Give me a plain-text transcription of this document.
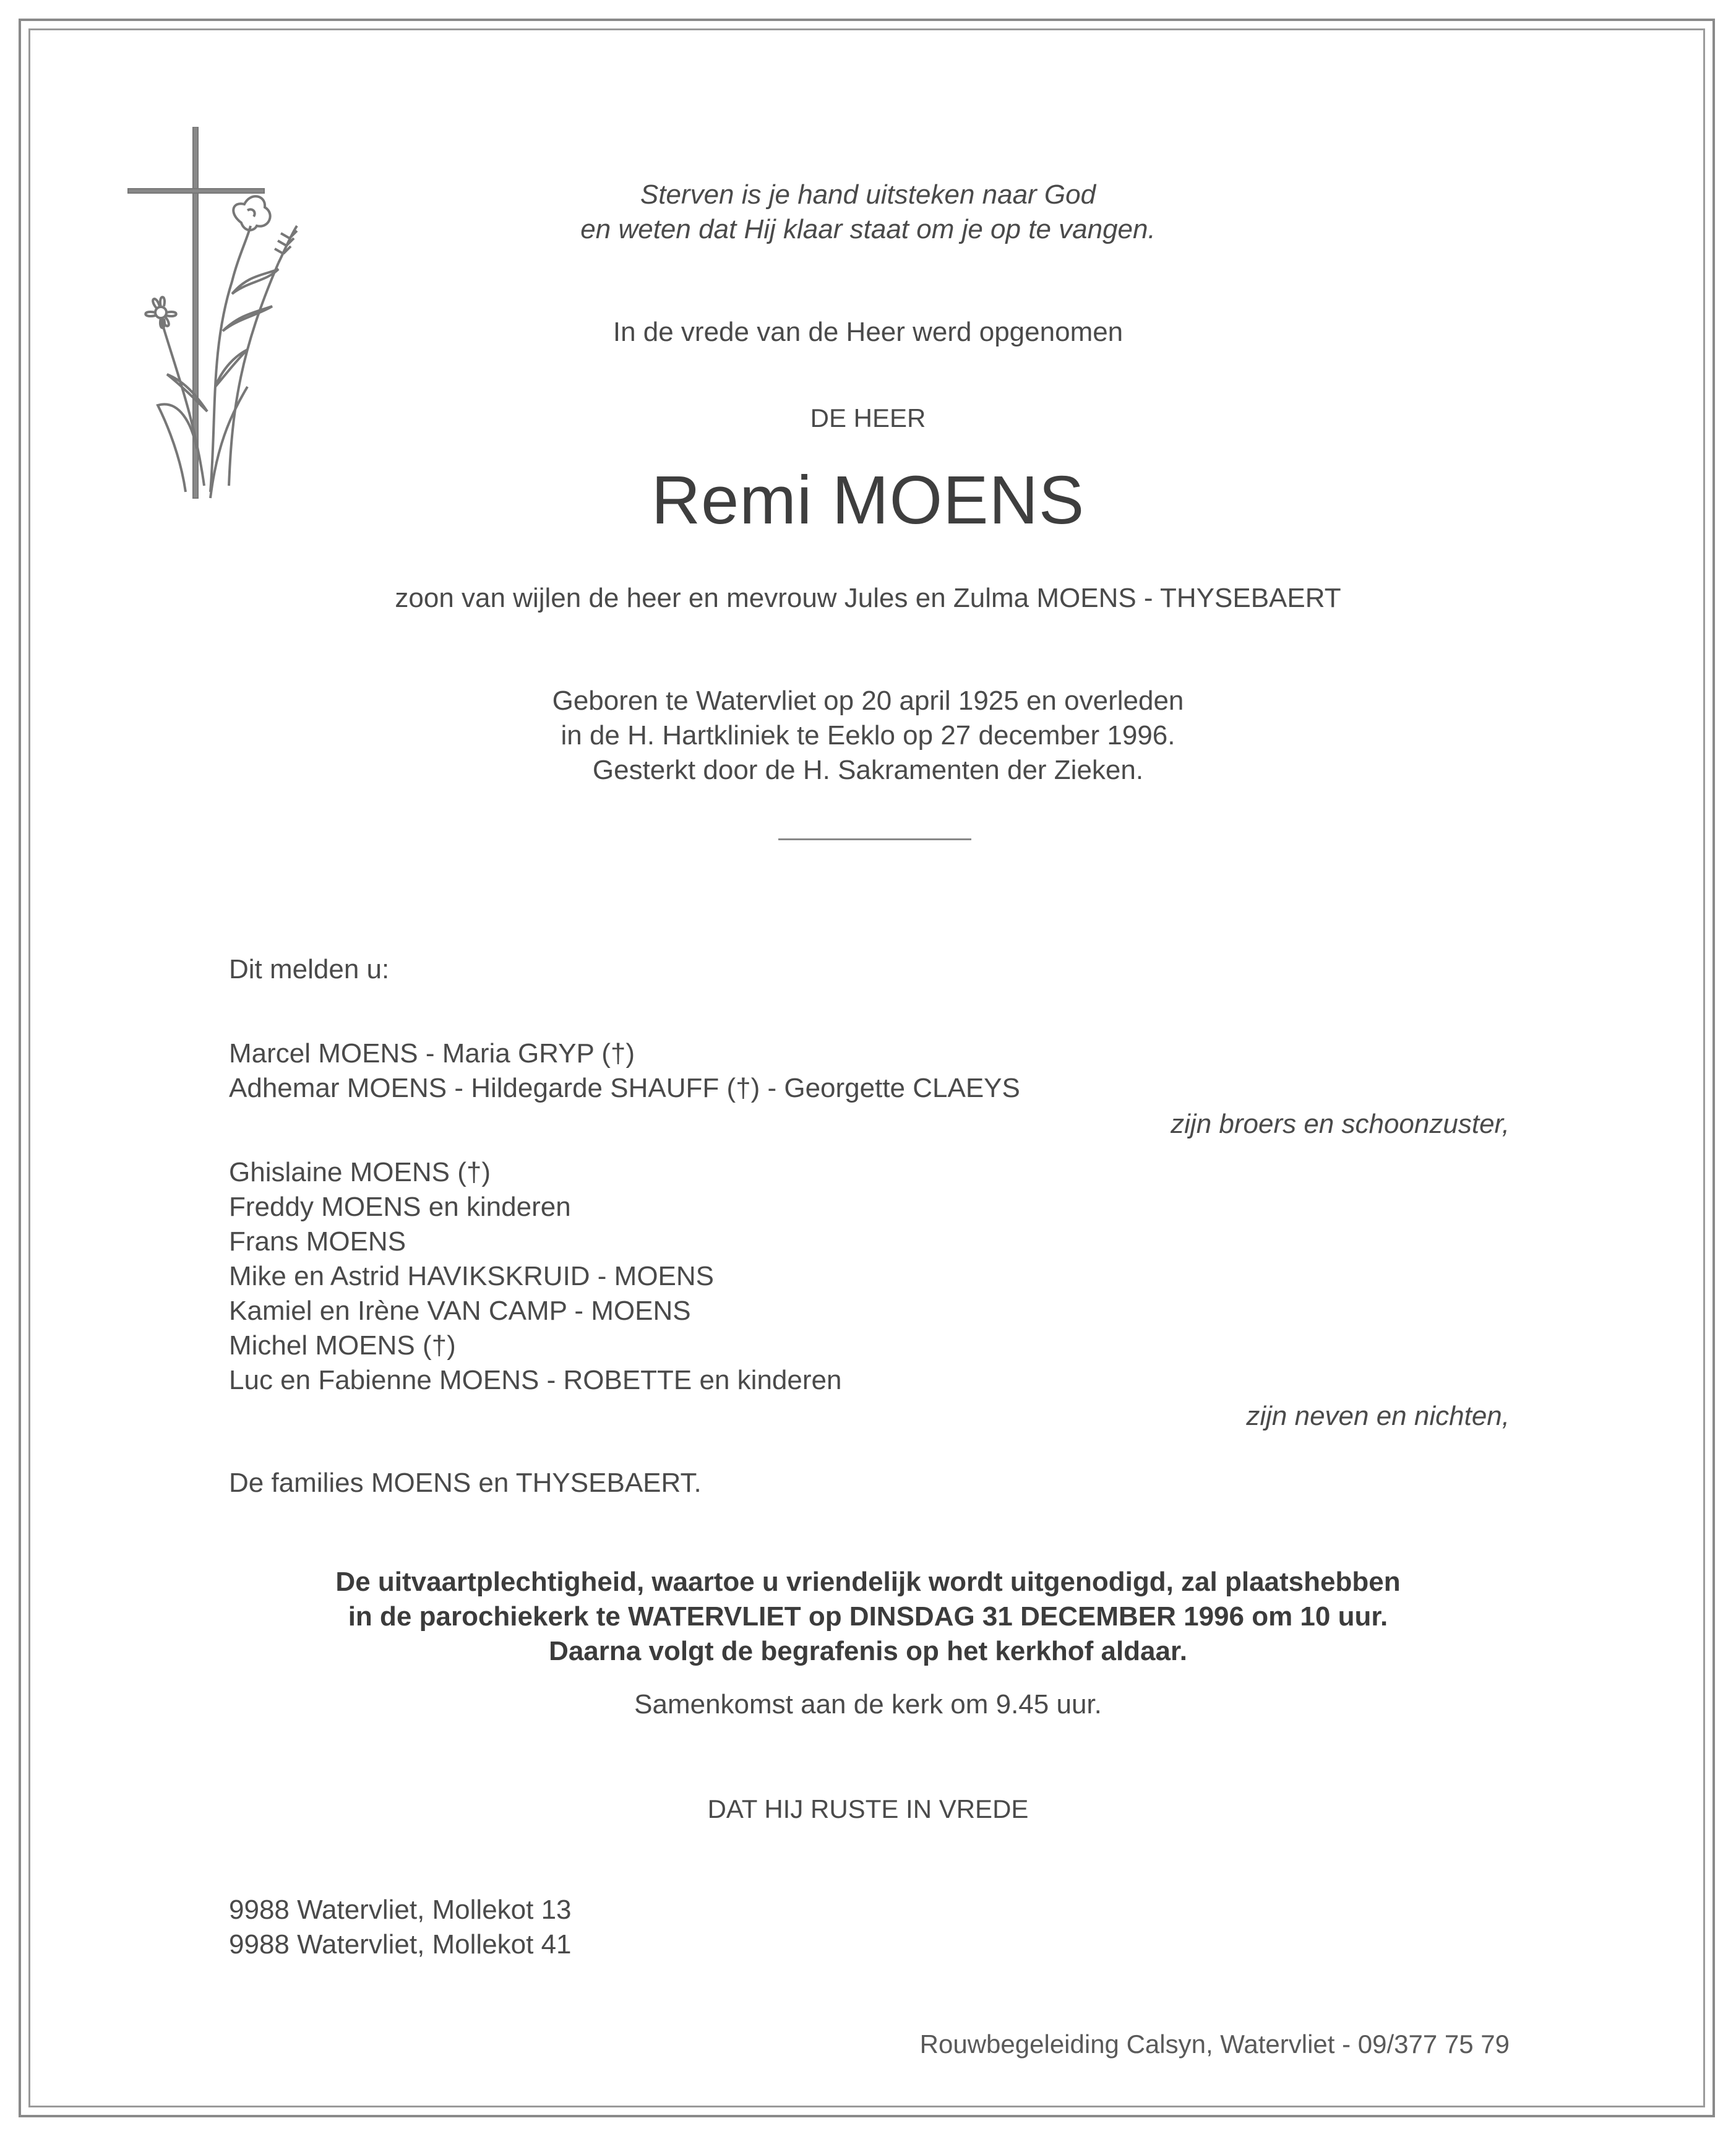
Sterven is je hand uitsteken naar God
en weten dat Hij klaar staat om je op te vangen.
In de vrede van de Heer werd opgenomen
DE HEER
Remi MOENS
zoon van wijlen de heer en mevrouw Jules en Zulma MOENS - THYSEBAERT
Geboren te Watervliet op 20 april 1925 en overleden
in de H. Hartkliniek te Eeklo op 27 december 1996.
Gesterkt door de H. Sakramenten der Zieken.
Dit melden u:
Marcel MOENS - Maria GRYP (†)
Adhemar MOENS - Hildegarde SHAUFF (†) - Georgette CLAEYS
zijn broers en schoonzuster,
Ghislaine MOENS (†)
Freddy MOENS en kinderen
Frans MOENS
Mike en Astrid HAVIKSKRUID - MOENS
Kamiel en Irène VAN CAMP - MOENS
Michel MOENS (†)
Luc en Fabienne MOENS - ROBETTE en kinderen
zijn neven en nichten,
De families MOENS en THYSEBAERT.
De uitvaartplechtigheid, waartoe u vriendelijk wordt uitgenodigd, zal plaatshebben
in de parochiekerk te WATERVLIET op DINSDAG 31 DECEMBER 1996 om 10 uur.
Daarna volgt de begrafenis op het kerkhof aldaar.
Samenkomst aan de kerk om 9.45 uur.
DAT HIJ RUSTE IN VREDE
9988 Watervliet, Mollekot 13
9988 Watervliet, Mollekot 41
Rouwbegeleiding Calsyn, Watervliet - 09/377 75 79
